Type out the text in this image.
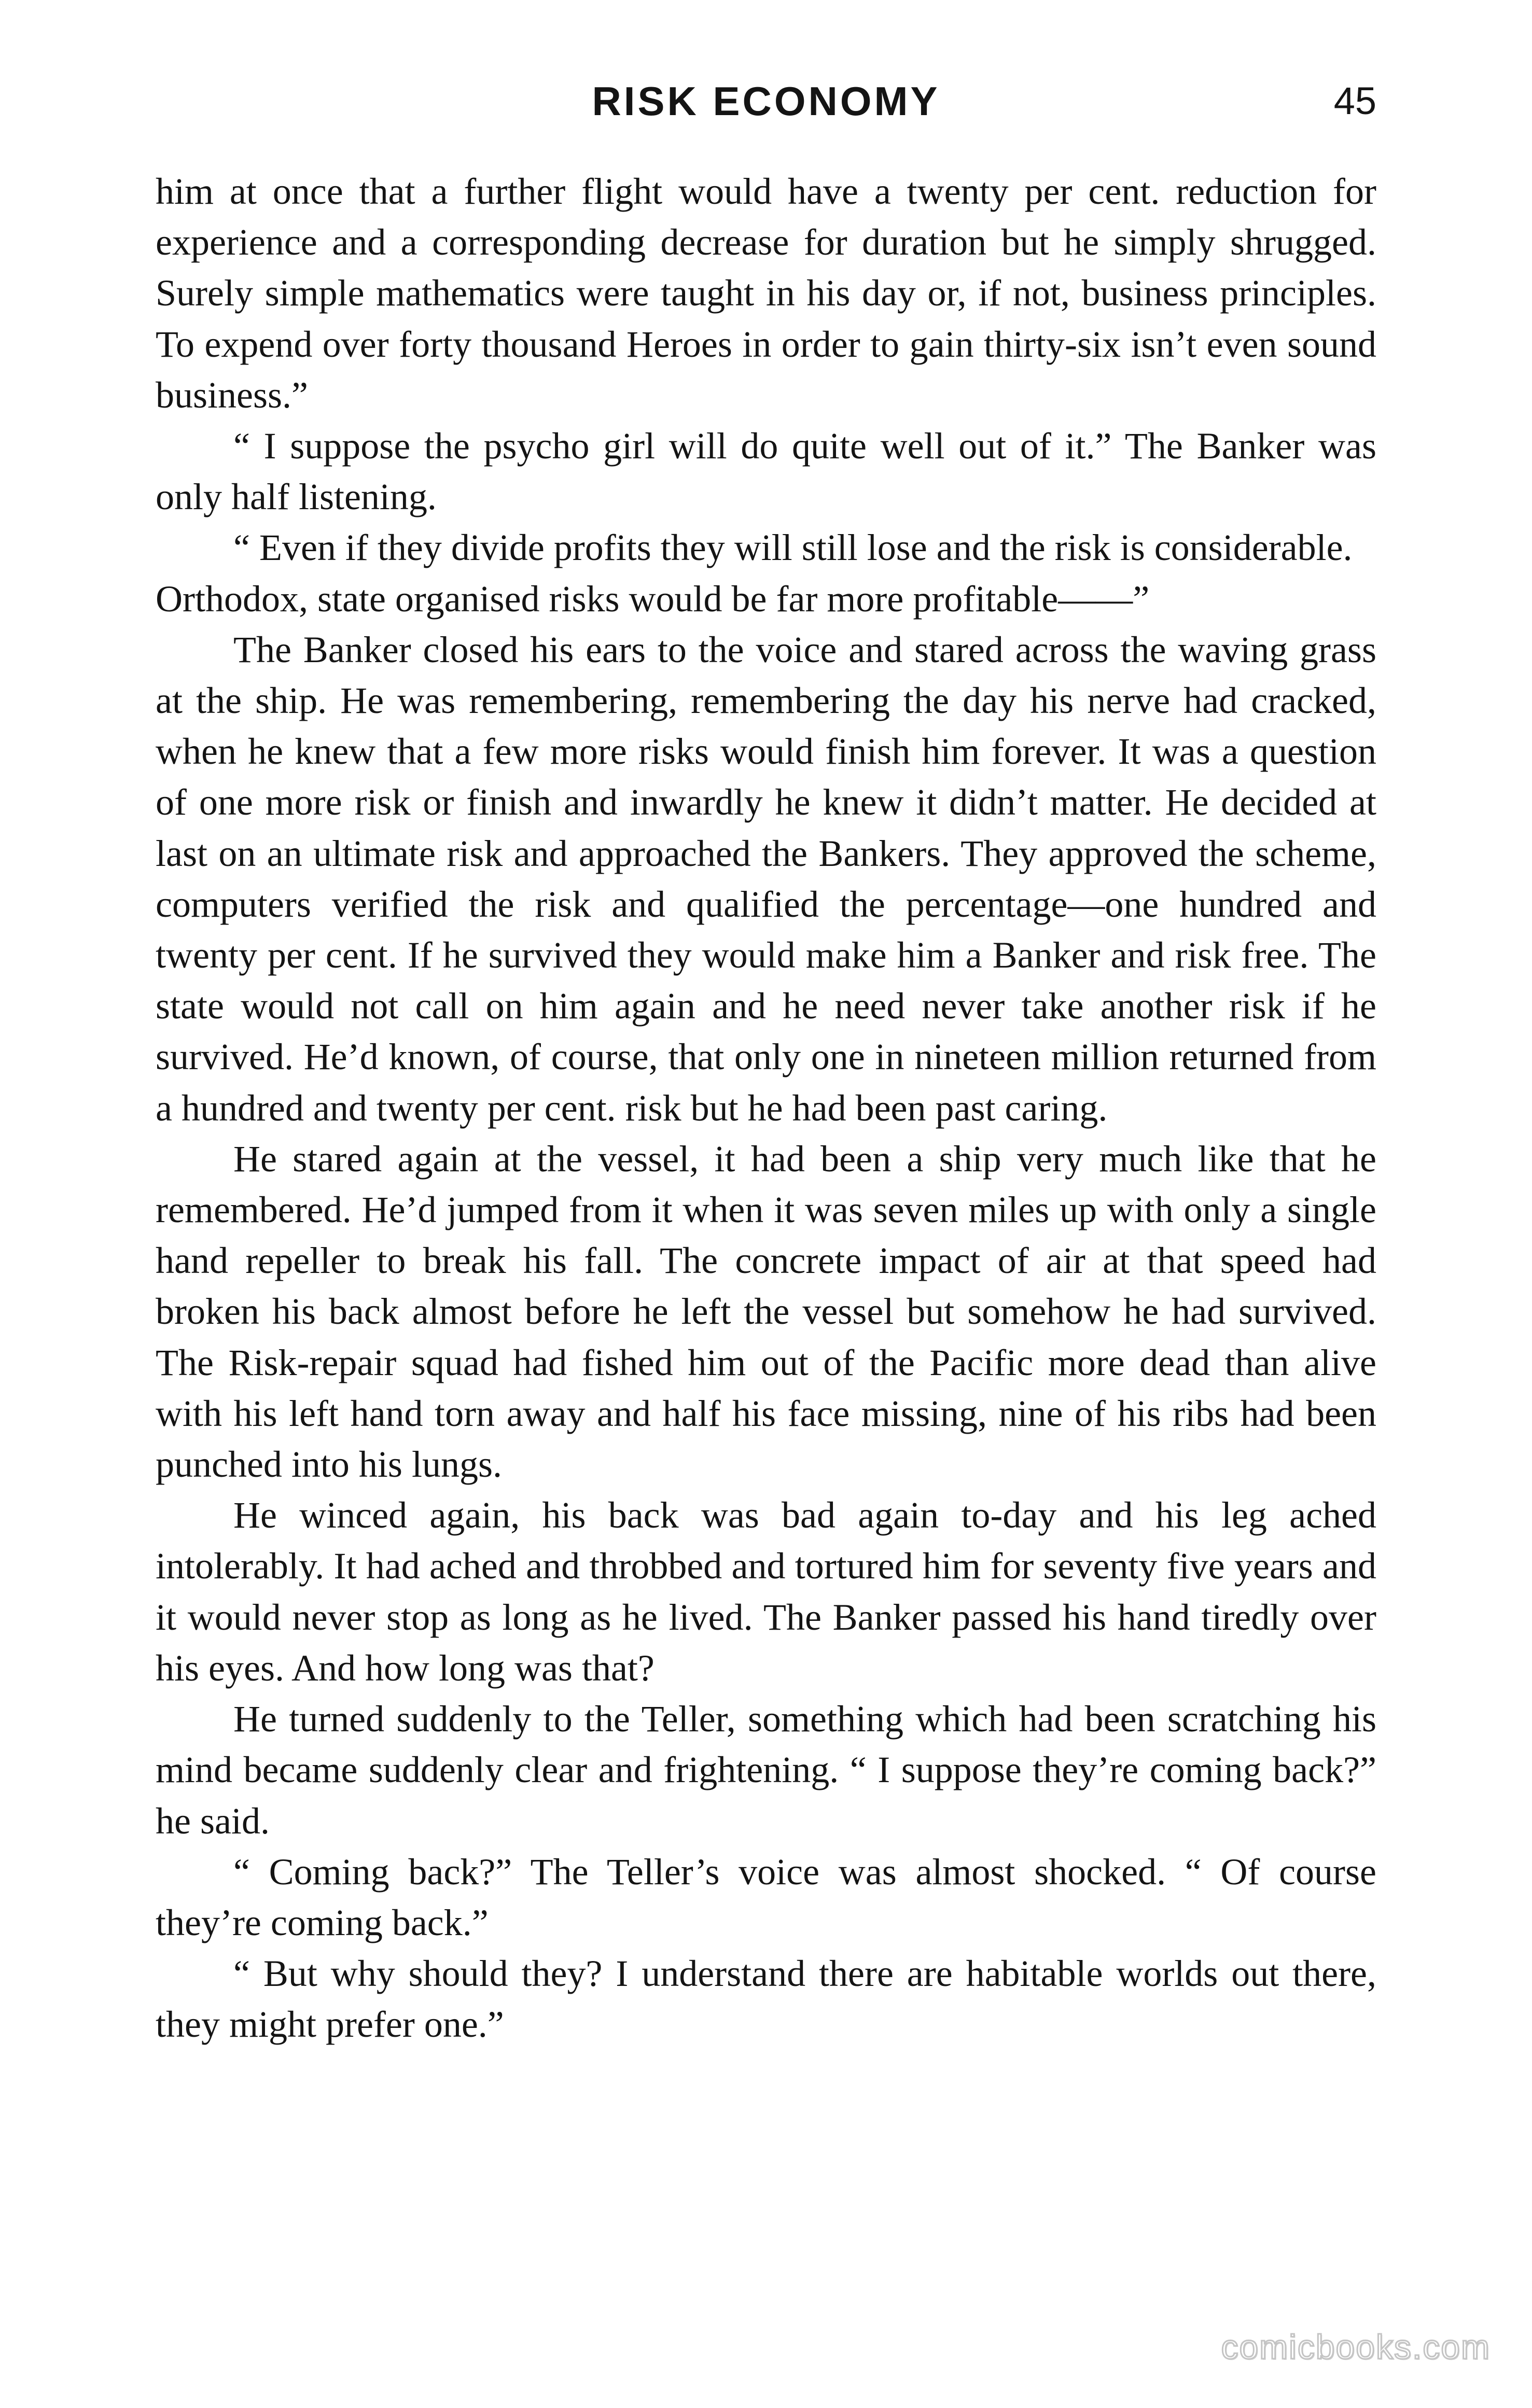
RISK ECONOMY	45

him at once that a further flight would have a twenty per cent. reduction for experience and a corresponding decrease for duration but he simply shrugged. Surely simple mathematics were taught in his day or, if not, business principles. To expend over forty thousand Heroes in order to gain thirty-six isn’t even sound business.”

“ I suppose the psycho girl will do quite well out of it.” The Banker was only half listening.

“ Even if they divide profits they will still lose and the risk is considerable. Orthodox, state organised risks would be far more profitable——”

The Banker closed his ears to the voice and stared across the waving grass at the ship. He was remembering, remembering the day his nerve had cracked, when he knew that a few more risks would finish him forever. It was a question of one more risk or finish and inwardly he knew it didn’t matter. He decided at last on an ultimate risk and approached the Bankers. They approved the scheme, computers verified the risk and qualified the percentage—one hundred and twenty per cent. If he survived they would make him a Banker and risk free. The state would not call on him again and he need never take another risk if he survived. He’d known, of course, that only one in nineteen million returned from a hundred and twenty per cent. risk but he had been past caring.

He stared again at the vessel, it had been a ship very much like that he remembered. He’d jumped from it when it was seven miles up with only a single hand repeller to break his fall. The concrete impact of air at that speed had broken his back almost before he left the vessel but somehow he had survived. The Risk-repair squad had fished him out of the Pacific more dead than alive with his left hand torn away and half his face missing, nine of his ribs had been punched into his lungs.

He winced again, his back was bad again to-day and his leg ached intolerably. It had ached and throbbed and tortured him for seventy five years and it would never stop as long as he lived. The Banker passed his hand tiredly over his eyes. And how long was that?

He turned suddenly to the Teller, something which had been scratching his mind became suddenly clear and frightening. “ I suppose they’re coming back?” he said.

“ Coming back?” The Teller’s voice was almost shocked. “ Of course they’re coming back.”

“ But why should they? I understand there are habitable worlds out there, they might prefer one.”

comicbooks.com
